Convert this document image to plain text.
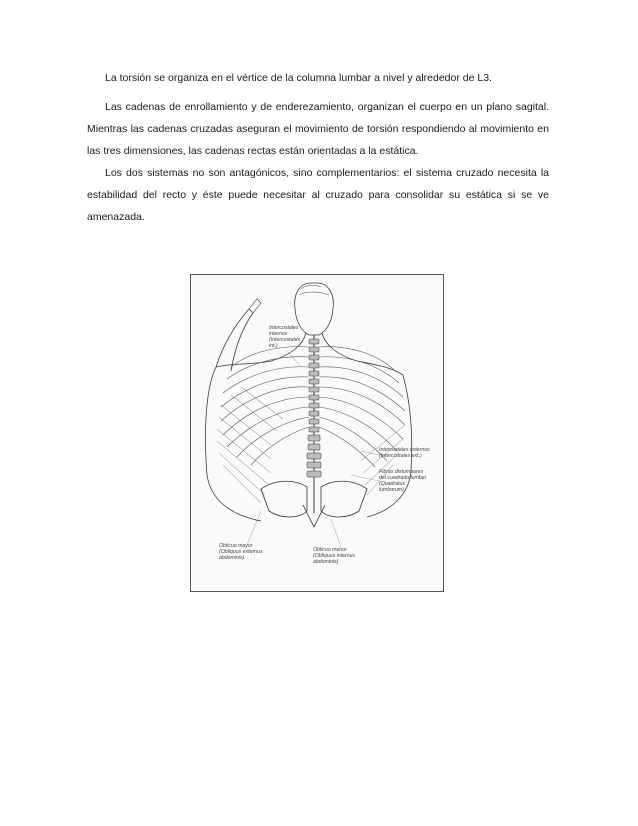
La torsión se organiza en el vértice de la columna lumbar a nivel y alrededor de L3.

Las cadenas de enrollamiento y de enderezamiento, organizan el cuerpo en un plano sagital. Mientras las cadenas cruzadas aseguran el movimiento de torsión respondiendo al movimiento en las tres dimensiones, las cadenas rectas están orientadas a la estática.

Los dos sistemas no son antagónicos, sino complementarios: el sistema cruzado necesita la estabilidad del recto y éste puede necesitar al cruzado para consolidar su estática si se ve amenazada.

Intercostales
internos
(Intercostales
int.)
Intercostales externos
(Intercostales ext.)
Fibras distumbares
del cuadrado lumbar
(Quadratus
lumborum)
Oblicuo mayor
(Obliquus externus
abdominis)
Oblicuo menor
(Obliquus internus
abdominis)
